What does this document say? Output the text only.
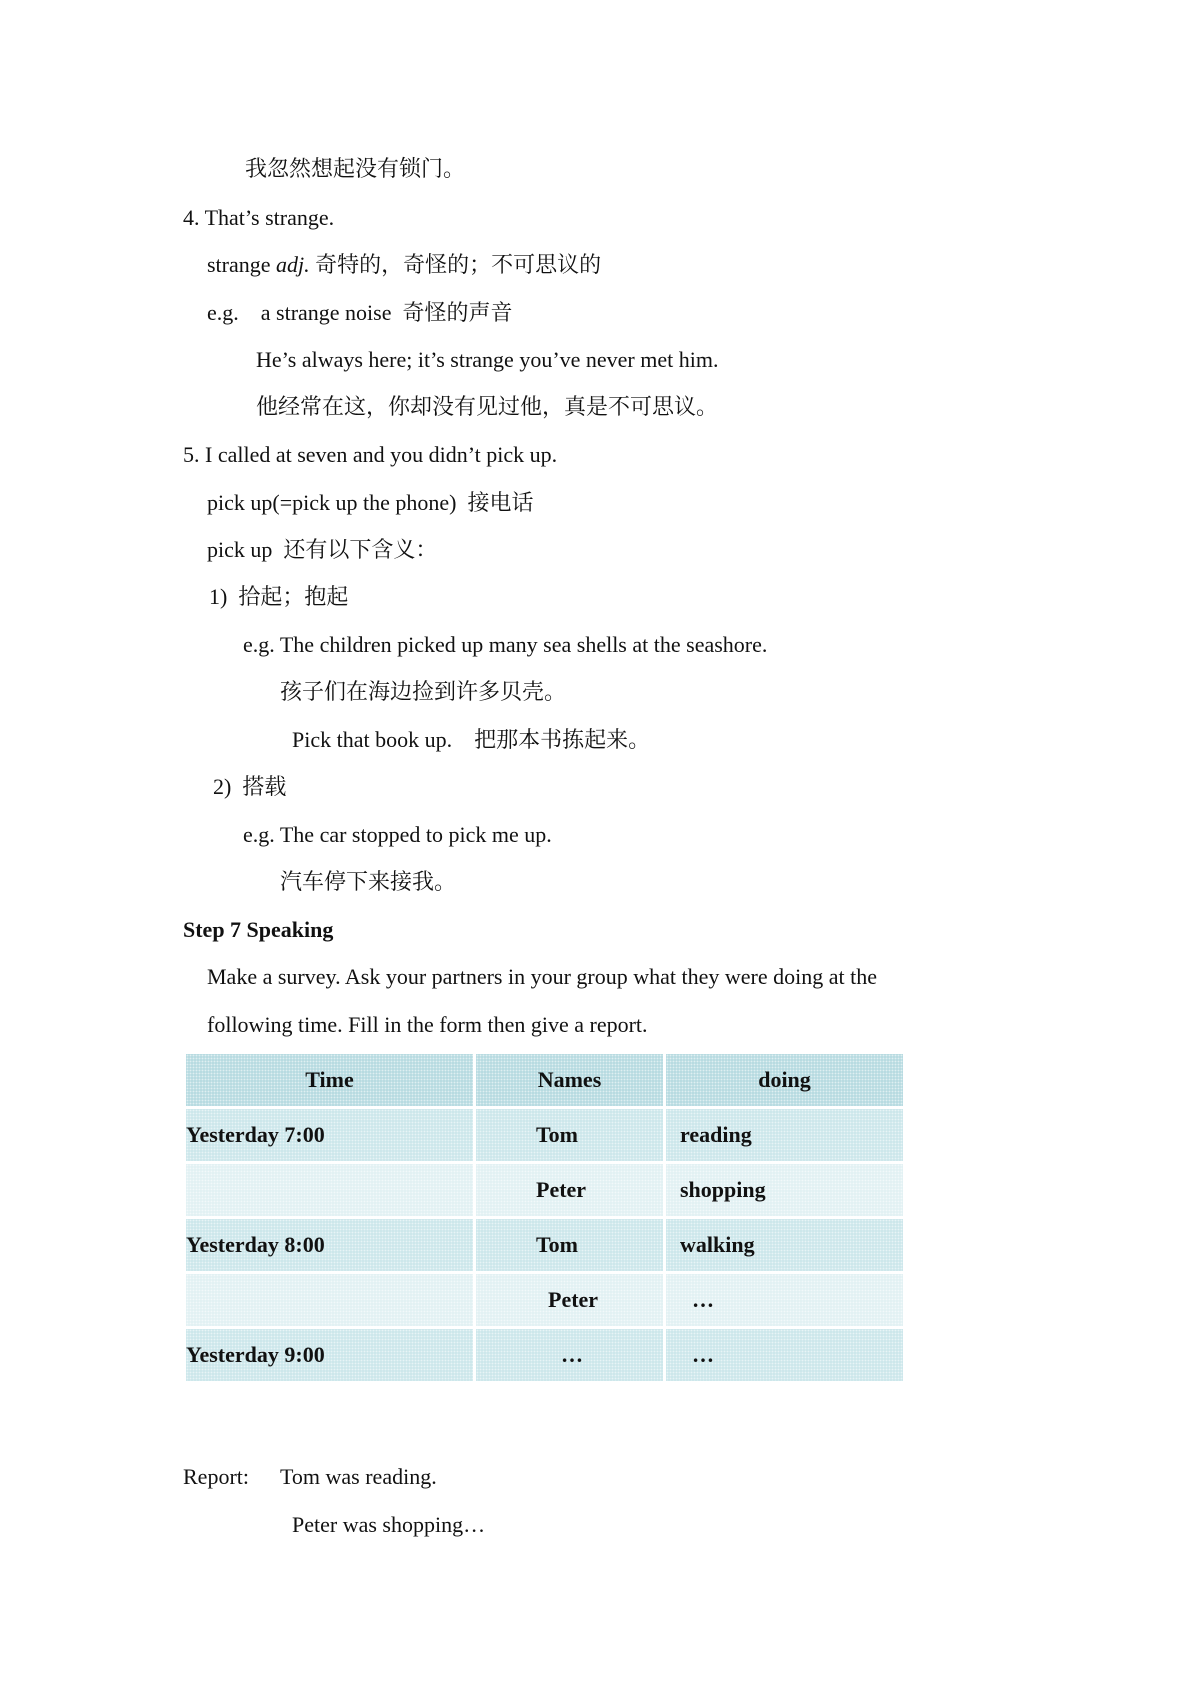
我忽然想起没有锁门。
4. That’s strange.
strange adj. 奇特的，奇怪的；不可思议的
e.g.    a strange noise  奇怪的声音
He’s always here; it’s strange you’ve never met him.
他经常在这，你却没有见过他，真是不可思议。
5. I called at seven and you didn’t pick up.
pick up(=pick up the phone)  接电话
pick up  还有以下含义：
1)  拾起；抱起
e.g. The children picked up many sea shells at the seashore.
孩子们在海边捡到许多贝壳。
Pick that book up.    把那本书拣起来。
2)  搭载
e.g. The car stopped to pick me up.
汽车停下来接我。
Step 7 Speaking
Make a survey. Ask your partners in your group what they were doing at the
following time. Fill in the form then give a report.
Time	Names	doing
Yesterday 7:00	Tom	reading
	Peter	shopping
Yesterday 8:00	Tom	walking
	Peter	…
Yesterday 9:00	…	…
Report: Tom was reading.
Peter was shopping…
